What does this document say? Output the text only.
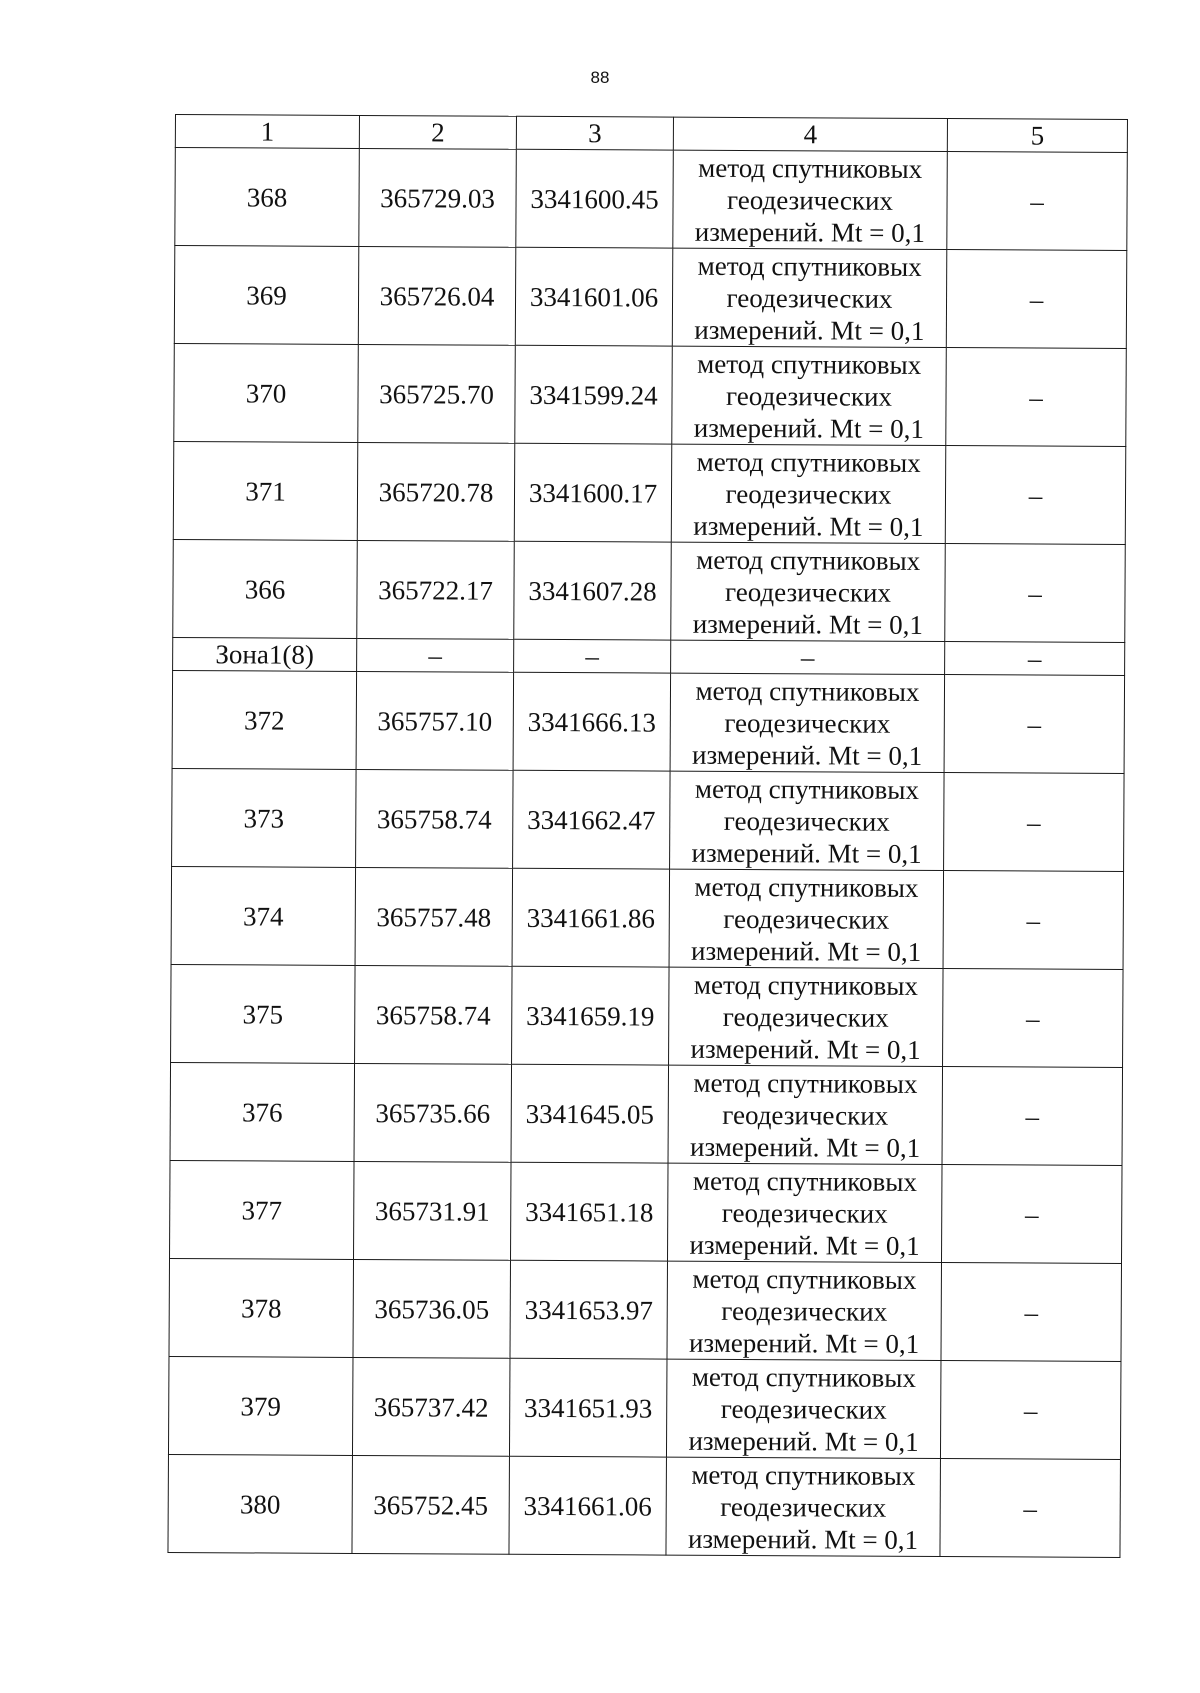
88
1	2	3	4	5
368	365729.03	3341600.45	метод спутниковых
геодезических
измерений. Mt = 0,1	–
369	365726.04	3341601.06	метод спутниковых
геодезических
измерений. Mt = 0,1	–
370	365725.70	3341599.24	метод спутниковых
геодезических
измерений. Mt = 0,1	–
371	365720.78	3341600.17	метод спутниковых
геодезических
измерений. Mt = 0,1	–
366	365722.17	3341607.28	метод спутниковых
геодезических
измерений. Mt = 0,1	–
Зона1(8)	–	–	–	–
372	365757.10	3341666.13	метод спутниковых
геодезических
измерений. Mt = 0,1	–
373	365758.74	3341662.47	метод спутниковых
геодезических
измерений. Mt = 0,1	–
374	365757.48	3341661.86	метод спутниковых
геодезических
измерений. Mt = 0,1	–
375	365758.74	3341659.19	метод спутниковых
геодезических
измерений. Mt = 0,1	–
376	365735.66	3341645.05	метод спутниковых
геодезических
измерений. Mt = 0,1	–
377	365731.91	3341651.18	метод спутниковых
геодезических
измерений. Mt = 0,1	–
378	365736.05	3341653.97	метод спутниковых
геодезических
измерений. Mt = 0,1	–
379	365737.42	3341651.93	метод спутниковых
геодезических
измерений. Mt = 0,1	–
380	365752.45	3341661.06	метод спутниковых
геодезических
измерений. Mt = 0,1	–
